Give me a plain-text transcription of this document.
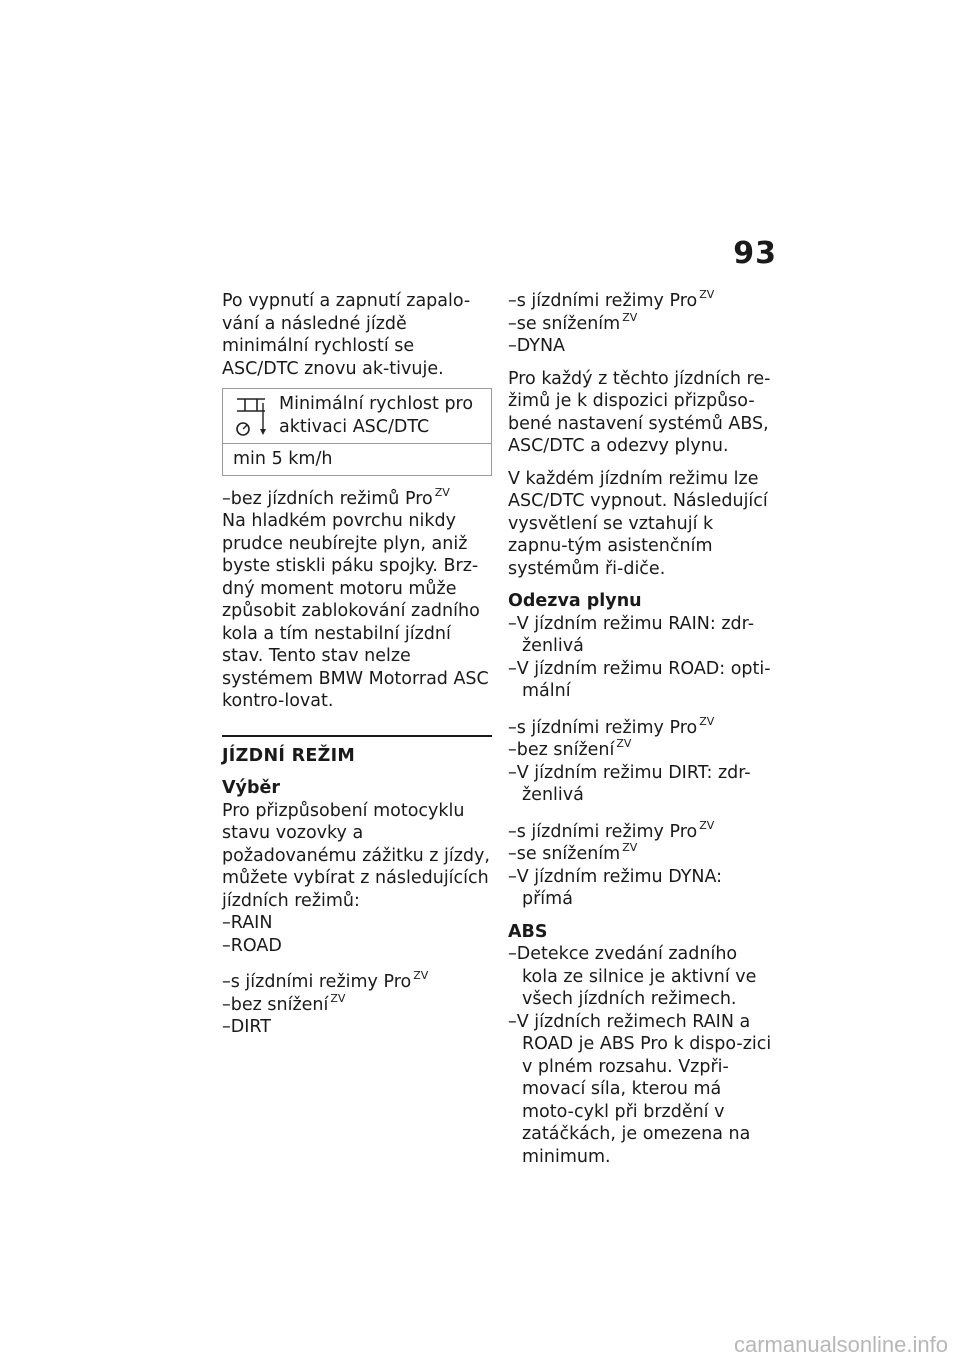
93

Po vypnutí a zapnutí zapalo-vání a následné jízdě minimální rychlostí se ASC/DTC znovu ak-tivuje.

Minimální rychlost pro aktivaci ASC/DTC
min 5 km/h

–bez jízdních režimů Pro $^{ZV}$

Na hladkém povrchu nikdy prudce neubírejte plyn, aniž byste stiskli páku spojky. Brz-dný moment motoru může způsobit zablokování zadního kola a tím nestabilní jízdní stav. Tento stav nelze systémem BMW Motorrad ASC kontro-lovat.

JÍZDNÍ REŽIM
Výběr

Pro přizpůsobení motocyklu stavu vozovky a požadovanému zážitku z jízdy, můžete vybírat z následujících jízdních režimů:

–RAIN

–ROAD

–s jízdními režimy Pro $^{ZV}$

–bez snížení $^{ZV}$

–DIRT

–s jízdními režimy Pro $^{ZV}$

–se snížením $^{ZV}$

–DYNA

Pro každý z těchto jízdních re-žimů je k dispozici přizpůso-bené nastavení systémů ABS, ASC/DTC a odezvy plynu.

V každém jízdním režimu lze ASC/DTC vypnout. Následující vysvětlení se vztahují k zapnu-tým asistenčním systémům ři-diče.

Odezva plynu

–V jízdním režimu RAIN: zdr-ženlivá

–V jízdním režimu ROAD: opti-mální

–s jízdními režimy Pro $^{ZV}$

–bez snížení $^{ZV}$

–V jízdním režimu DIRT: zdr-ženlivá

–s jízdními režimy Pro $^{ZV}$

–se snížením $^{ZV}$

–V jízdním režimu DYNA: přímá

ABS

–Detekce zvedání zadního kola ze silnice je aktivní ve všech jízdních režimech.

–V jízdních režimech RAIN a ROAD je ABS Pro k dispo-zici v plném rozsahu. Vzpři-movací síla, kterou má moto-cykl při brzdění v zatáčkách, je omezena na minimum.

carmanualsonline.info
